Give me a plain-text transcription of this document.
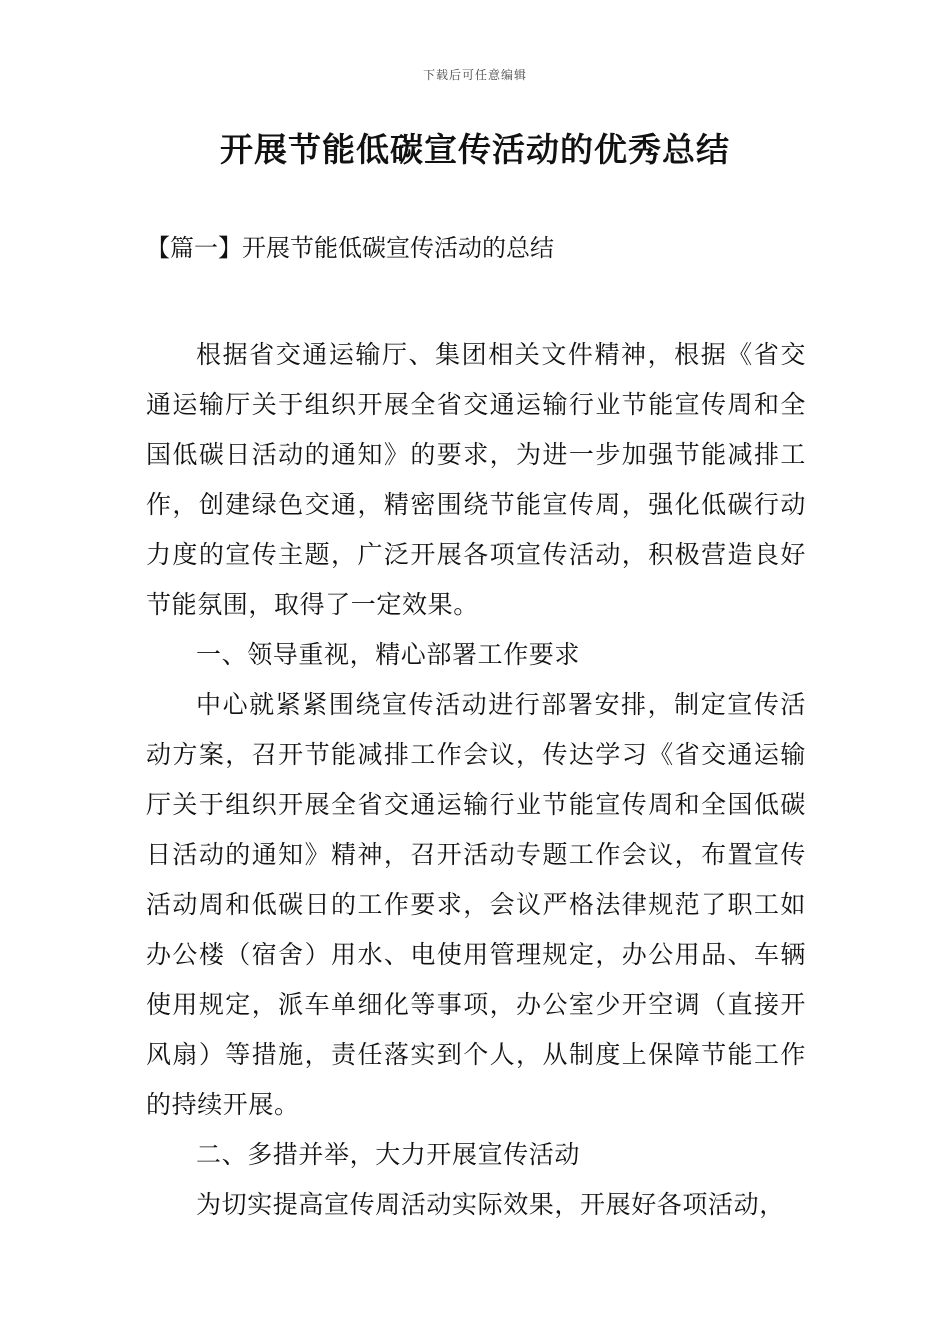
下载后可任意编辑
开展节能低碳宣传活动的优秀总结
【篇一】开展节能低碳宣传活动的总结

根据省交通运输厅、集团相关文件精神，根据《省交通运输厅关于组织开展全省交通运输行业节能宣传周和全国低碳日活动的通知》的要求，为进一步加强节能减排工作，创建绿色交通，精密围绕节能宣传周，强化低碳行动力度的宣传主题，广泛开展各项宣传活动，积极营造良好节能氛围，取得了一定效果。

一、领导重视，精心部署工作要求

中心就紧紧围绕宣传活动进行部署安排，制定宣传活动方案，召开节能减排工作会议，传达学习《省交通运输厅关于组织开展全省交通运输行业节能宣传周和全国低碳日活动的通知》精神，召开活动专题工作会议，布置宣传活动周和低碳日的工作要求，会议严格法律规范了职工如办公楼（宿舍）用水、电使用管理规定，办公用品、车辆使用规定，派车单细化等事项，办公室少开空调（直接开风扇）等措施，责任落实到个人，从制度上保障节能工作的持续开展。

二、多措并举，大力开展宣传活动

为切实提高宣传周活动实际效果，开展好各项活动，
